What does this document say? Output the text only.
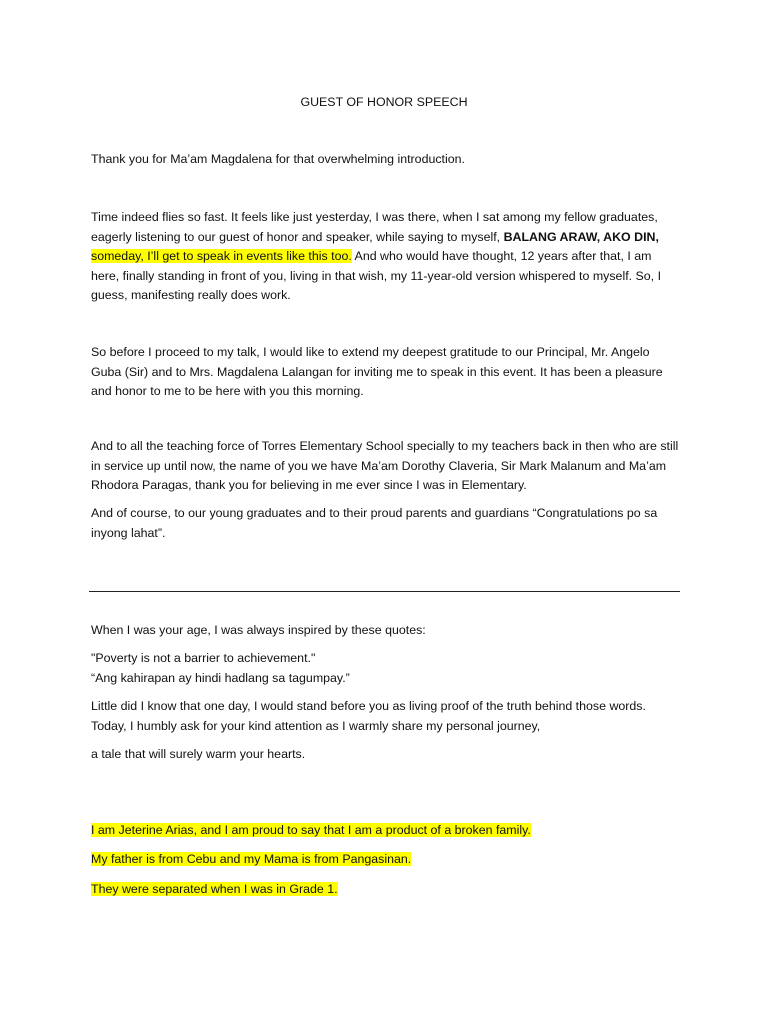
GUEST OF HONOR SPEECH

Thank you for Ma’am Magdalena for that overwhelming introduction.

Time indeed flies so fast. It feels like just yesterday, I was there, when I sat among my fellow graduates, eagerly listening to our guest of honor and speaker, while saying to myself, BALANG ARAW, AKO DIN, someday, I’ll get to speak in events like this too. And who would have thought, 12 years after that, I am here, finally standing in front of you, living in that wish, my 11-year-old version whispered to myself. So, I guess, manifesting really does work.

So before I proceed to my talk, I would like to extend my deepest gratitude to our Principal, Mr. Angelo Guba (Sir) and to Mrs. Magdalena Lalangan for inviting me to speak in this event. It has been a pleasure and honor to me to be here with you this morning.

And to all the teaching force of Torres Elementary School specially to my teachers back in then who are still in service up until now, the name of you we have Ma’am Dorothy Claveria, Sir Mark Malanum and Ma’am Rhodora Paragas, thank you for believing in me ever since I was in Elementary.

And of course, to our young graduates and to their proud parents and guardians “Congratulations po sa inyong lahat”.

When I was your age, I was always inspired by these quotes:

"Poverty is not a barrier to achievement."
“Ang kahirapan ay hindi hadlang sa tagumpay.”

Little did I know that one day, I would stand before you as living proof of the truth behind those words. Today, I humbly ask for your kind attention as I warmly share my personal journey,

a tale that will surely warm your hearts.

I am Jeterine Arias, and I am proud to say that I am a product of a broken family.

My father is from Cebu and my Mama is from Pangasinan.

They were separated when I was in Grade 1.
